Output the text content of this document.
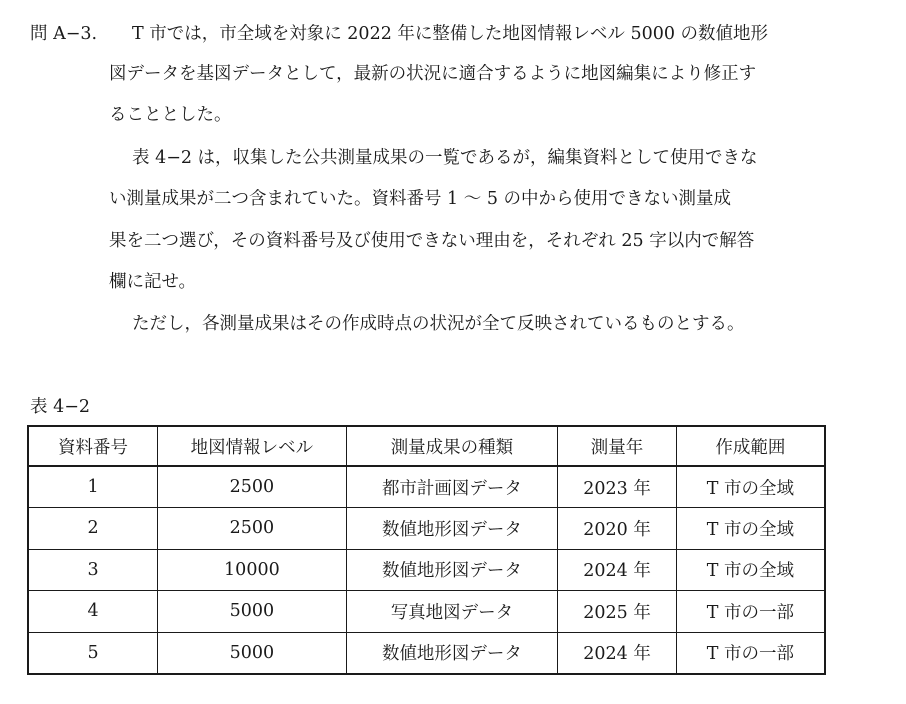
問 A−3. T 市では，市全域を対象に 2022 年に整備した地図情報レベル 5000 の数値地形
図データを基図データとして，最新の状況に適合するように地図編集により修正す
ることとした。
表 4−2 は，収集した公共測量成果の一覧であるが，編集資料として使用できな
い測量成果が二つ含まれていた。資料番号 1 〜 5 の中から使用できない測量成
果を二つ選び，その資料番号及び使用できない理由を，それぞれ 25 字以内で解答
欄に記せ。
ただし，各測量成果はその作成時点の状況が全て反映されているものとする。
表 4−2
資料番号	地図情報レベル	測量成果の種類	測量年	作成範囲
1	2500	都市計画図データ	2023 年	T 市の全域
2	2500	数値地形図データ	2020 年	T 市の全域
3	10000	数値地形図データ	2024 年	T 市の全域
4	5000	写真地図データ	2025 年	T 市の一部
5	5000	数値地形図データ	2024 年	T 市の一部
